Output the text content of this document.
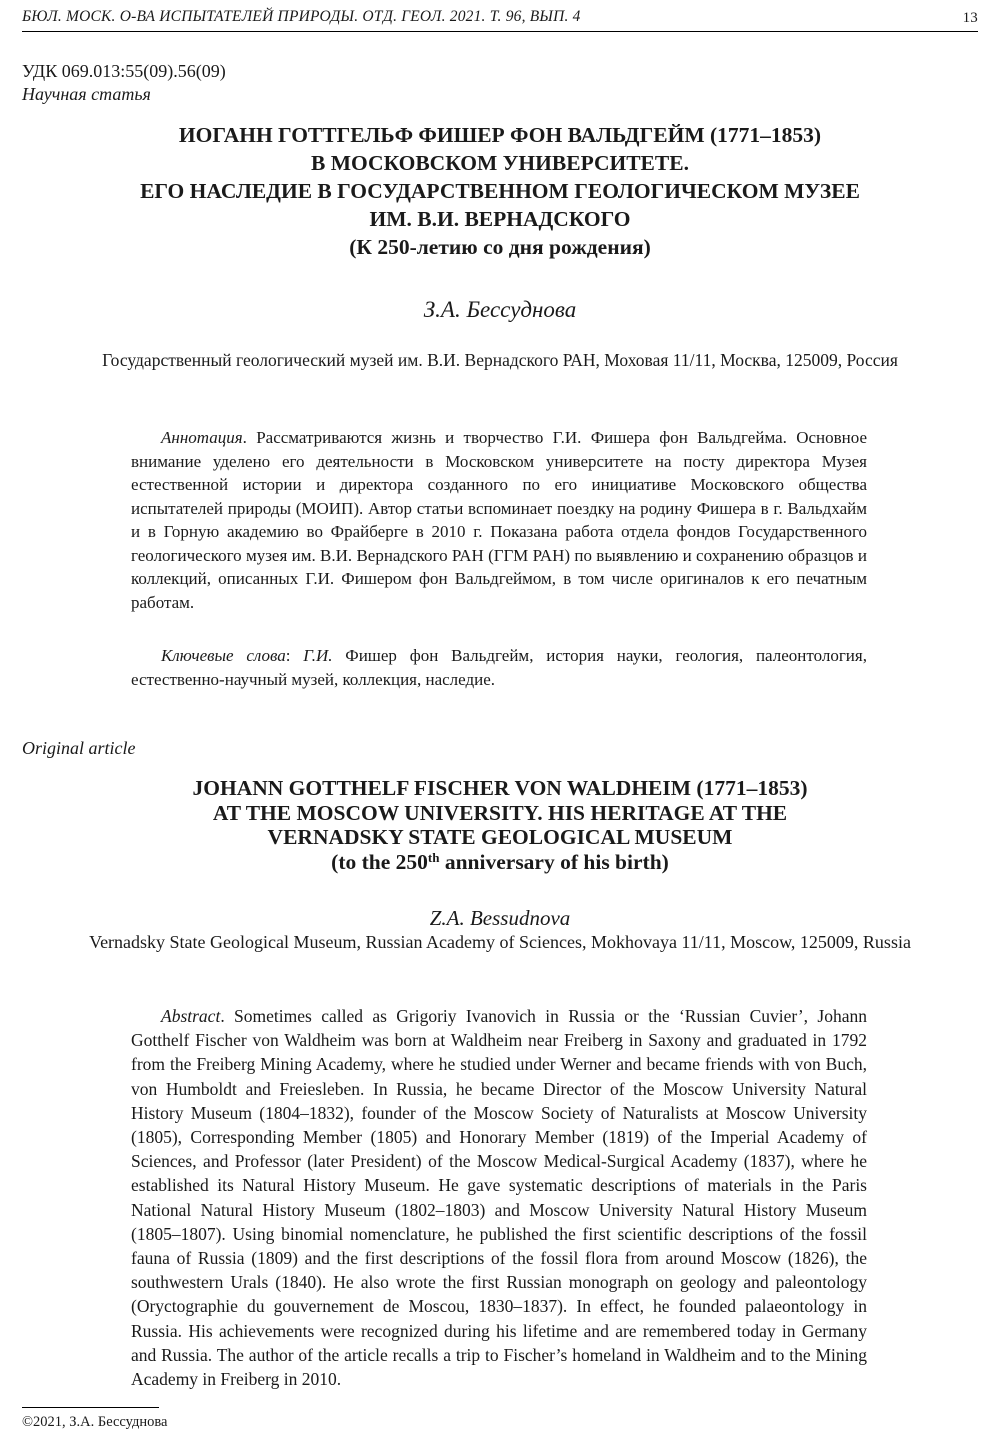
БЮЛ. МОСК. О-ВА ИСПЫТАТЕЛЕЙ ПРИРОДЫ. ОТД. ГЕОЛ. 2021. Т. 96, ВЫП. 4	13
УДК 069.013:55(09).56(09)
Научная статья
ИОГАНН ГОТТГЕЛЬФ ФИШЕР ФОН ВАЛЬДГЕЙМ (1771–1853)
В МОСКОВСКОМ УНИВЕРСИТЕТЕ.
ЕГО НАСЛЕДИЕ В ГОСУДАРСТВЕННОМ ГЕОЛОГИЧЕСКОМ МУЗЕЕ
ИМ. В.И. ВЕРНАДСКОГО
(К 250-летию со дня рождения)
З.А. Бессуднова
Государственный геологический музей им. В.И. Вернадского РАН, Моховая 11/11, Москва, 125009, Россия

Аннотация. Рассматриваются жизнь и творчество Г.И. Фишера фон Вальдгейма. Основное внимание уделено его деятельности в Московском университете на посту директора Музея естественной истории и директора созданного по его инициативе Московского общества испытателей природы (МОИП). Автор статьи вспоминает поездку на родину Фишера в г. Вальдхайм и в Горную академию во Фрайберге в 2010 г. Показана работа отдела фондов Государственного геологического музея им. В.И. Вернадского РАН (ГГМ РАН) по выявлению и сохранению образцов и коллекций, описанных Г.И. Фишером фон Вальдгеймом, в том числе оригиналов к его печатным работам.

Ключевые слова: Г.И. Фишер фон Вальдгейм, история науки, геология, палеонтология, естественно-научный музей, коллекция, наследие.

Original article
JOHANN GOTTHELF FISCHER VON WALDHEIM (1771–1853)
AT THE MOSCOW UNIVERSITY. HIS HERITAGE AT THE
VERNADSKY STATE GEOLOGICAL MUSEUM
(to the 250th anniversary of his birth)
Z.A. Bessudnova
Vernadsky State Geological Museum, Russian Academy of Sciences, Mokhovaya 11/11, Moscow, 125009, Russia

Abstract. Sometimes called as Grigoriy Ivanovich in Russia or the ‘Russian Cuvier’, Johann Gotthelf Fischer von Waldheim was born at Waldheim near Freiberg in Saxony and graduated in 1792 from the Freiberg Mining Academy, where he studied under Werner and became friends with von Buch, von Humboldt and Freiesleben. In Russia, he became Director of the Moscow University Natural History Museum (1804–1832), founder of the Moscow Society of Naturalists at Moscow University (1805), Corresponding Member (1805) and Honorary Member (1819) of the Imperial Academy of Sciences, and Professor (later President) of the Moscow Medical-Surgical Academy (1837), where he established its Natural History Museum. He gave systematic descriptions of materials in the Paris National Natural History Museum (1802–1803) and Moscow University Natural History Museum (1805–1807). Using binomial nomenclature, he published the first scientific descriptions of the fossil fauna of Russia (1809) and the first descriptions of the fossil flora from around Moscow (1826), the southwestern Urals (1840). He also wrote the first Russian monograph on geology and paleontology (Oryctographie du gouvernement de Moscou, 1830–1837). In effect, he founded palaeontology in Russia. His achievements were recognized during his lifetime and are remembered today in Germany and Russia. The author of the article recalls a trip to Fischer’s homeland in Waldheim and to the Mining Academy in Freiberg in 2010.

©2021, З.А. Бессуднова
